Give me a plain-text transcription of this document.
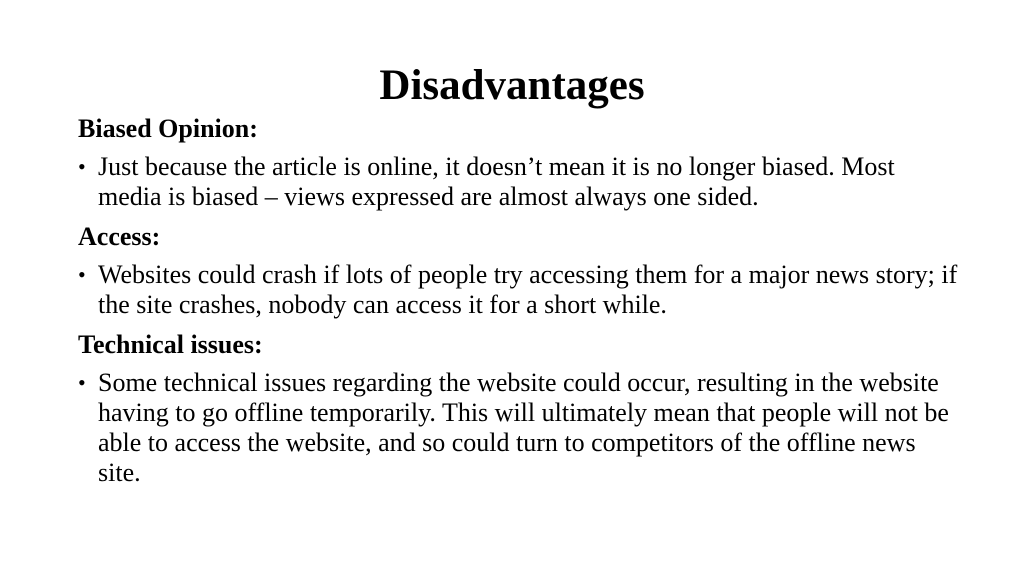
Disadvantages
Biased Opinion:
• Just because the article is online, it doesn’t mean it is no longer biased. Most media is biased – views expressed are almost always one sided.
Access:
• Websites could crash if lots of people try accessing them for a major news story; if the site crashes, nobody can access it for a short while.
Technical issues:
• Some technical issues regarding the website could occur, resulting in the website having to go offline temporarily. This will ultimately mean that people will not be able to access the website, and so could turn to competitors of the offline news site.
